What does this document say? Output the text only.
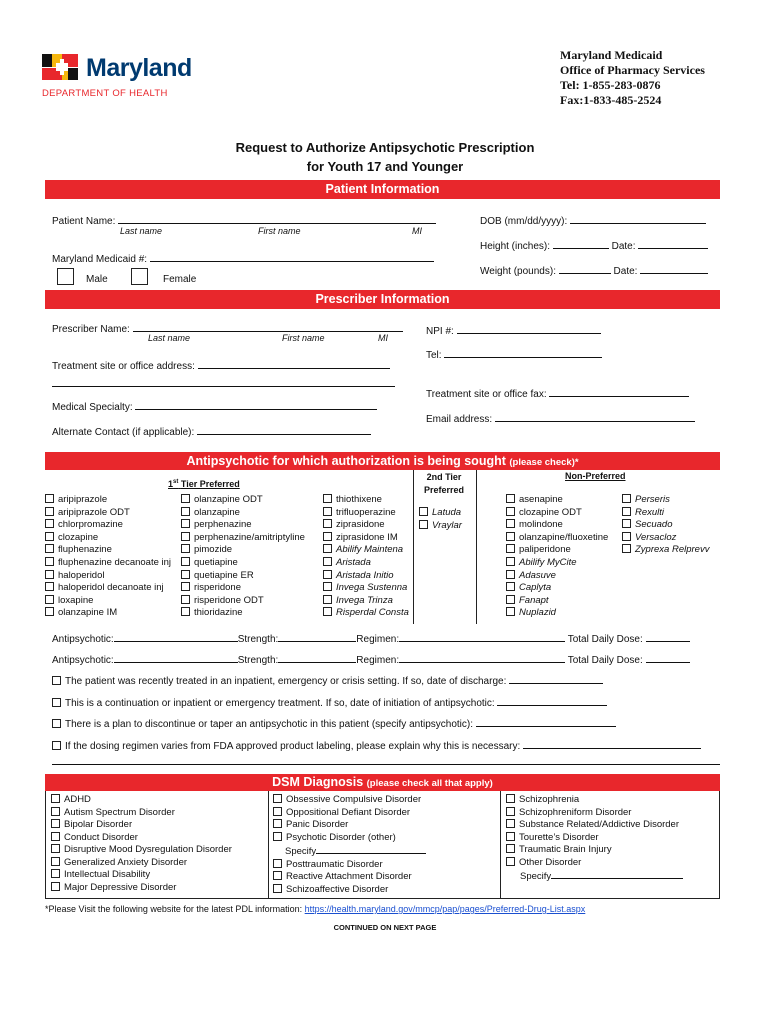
Maryland
DEPARTMENT OF HEALTH
Maryland Medicaid
Office of Pharmacy Services
Tel: 1-855-283-0876
Fax:1-833-485-2524
Request to Authorize Antipsychotic Prescription
for Youth 17 and Younger
Patient Information
Patient Name:
Last name	First name	MI
DOB (mm/dd/yyyy):
Height (inches):	Date:
Maryland Medicaid #:
Weight (pounds):	Date:
Male	Female
Prescriber Information
Prescriber Name:
Last name	First name	MI
NPI #:
Tel:
Treatment site or office address:
Treatment site or office fax:
Medical Specialty:
Email address:
Alternate Contact (if applicable):
Antipsychotic for which authorization is being sought (please check)*
1st Tier Preferred
2nd Tier Preferred
Non-Preferred
aripiprazole
aripiprazole ODT
chlorpromazine
clozapine
fluphenazine
fluphenazine decanoate inj
haloperidol
haloperidol decanoate inj
loxapine
olanzapine IM
olanzapine ODT
olanzapine
perphenazine
perphenazine/amitriptyline
pimozide
quetiapine
quetiapine ER
risperidone
risperidone ODT
thioridazine
thiothixene
trifluoperazine
ziprasidone
ziprasidone IM
Abilify Maintena
Aristada
Aristada Initio
Invega Sustenna
Invega Trinza
Risperdal Consta
Latuda
Vraylar
asenapine
clozapine ODT
molindone
olanzapine/fluoxetine
paliperidone
Abilify MyCite
Adasuve
Caplyta
Fanapt
Nuplazid
Perseris
Rexulti
Secuado
Versacloz
Zyprexa Relprevv
Antipsychotic:	Strength:	Regimen:	Total Daily Dose:
Antipsychotic:	Strength:	Regimen:	Total Daily Dose:
The patient was recently treated in an inpatient, emergency or crisis setting. If so, date of discharge:
This is a continuation or inpatient or emergency treatment. If so, date of initiation of antipsychotic:
There is a plan to discontinue or taper an antipsychotic in this patient (specify antipsychotic):
If the dosing regimen varies from FDA approved product labeling, please explain why this is necessary:
DSM Diagnosis (please check all that apply)
ADHD
Autism Spectrum Disorder
Bipolar Disorder
Conduct Disorder
Disruptive Mood Dysregulation Disorder
Generalized Anxiety Disorder
Intellectual Disability
Major Depressive Disorder
Obsessive Compulsive Disorder
Oppositional Defiant Disorder
Panic Disorder
Psychotic Disorder (other)
Specify
Posttraumatic Disorder
Reactive Attachment Disorder
Schizoaffective Disorder
Schizophrenia
Schizophreniform Disorder
Substance Related/Addictive Disorder
Tourette’s Disorder
Traumatic Brain Injury
Other Disorder
Specify
*Please Visit the following website for the latest PDL information: https://health.maryland.gov/mmcp/pap/pages/Preferred-Drug-List.aspx
CONTINUED ON NEXT PAGE
